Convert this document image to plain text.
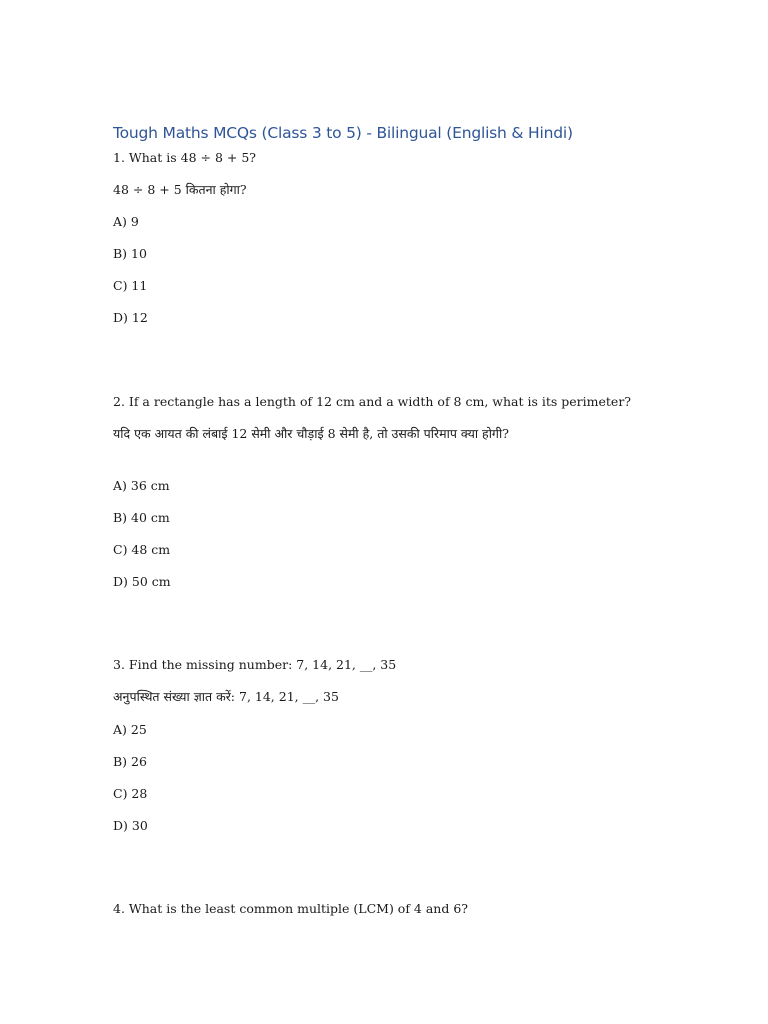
Tough Maths MCQs (Class 3 to 5) - Bilingual (English & Hindi)
1. What is 48 ÷ 8 + 5?
48 ÷ 8 + 5 कितना होगा?
A) 9
B) 10
C) 11
D) 12
2. If a rectangle has a length of 12 cm and a width of 8 cm, what is its perimeter?
यदि एक आयत की लंबाई 12 सेमी और चौड़ाई 8 सेमी है, तो उसकी परिमाप क्या होगी?
A) 36 cm
B) 40 cm
C) 48 cm
D) 50 cm
3. Find the missing number: 7, 14, 21, __, 35
अनुपस्थित संख्या ज्ञात करें: 7, 14, 21, __, 35
A) 25
B) 26
C) 28
D) 30
4. What is the least common multiple (LCM) of 4 and 6?
